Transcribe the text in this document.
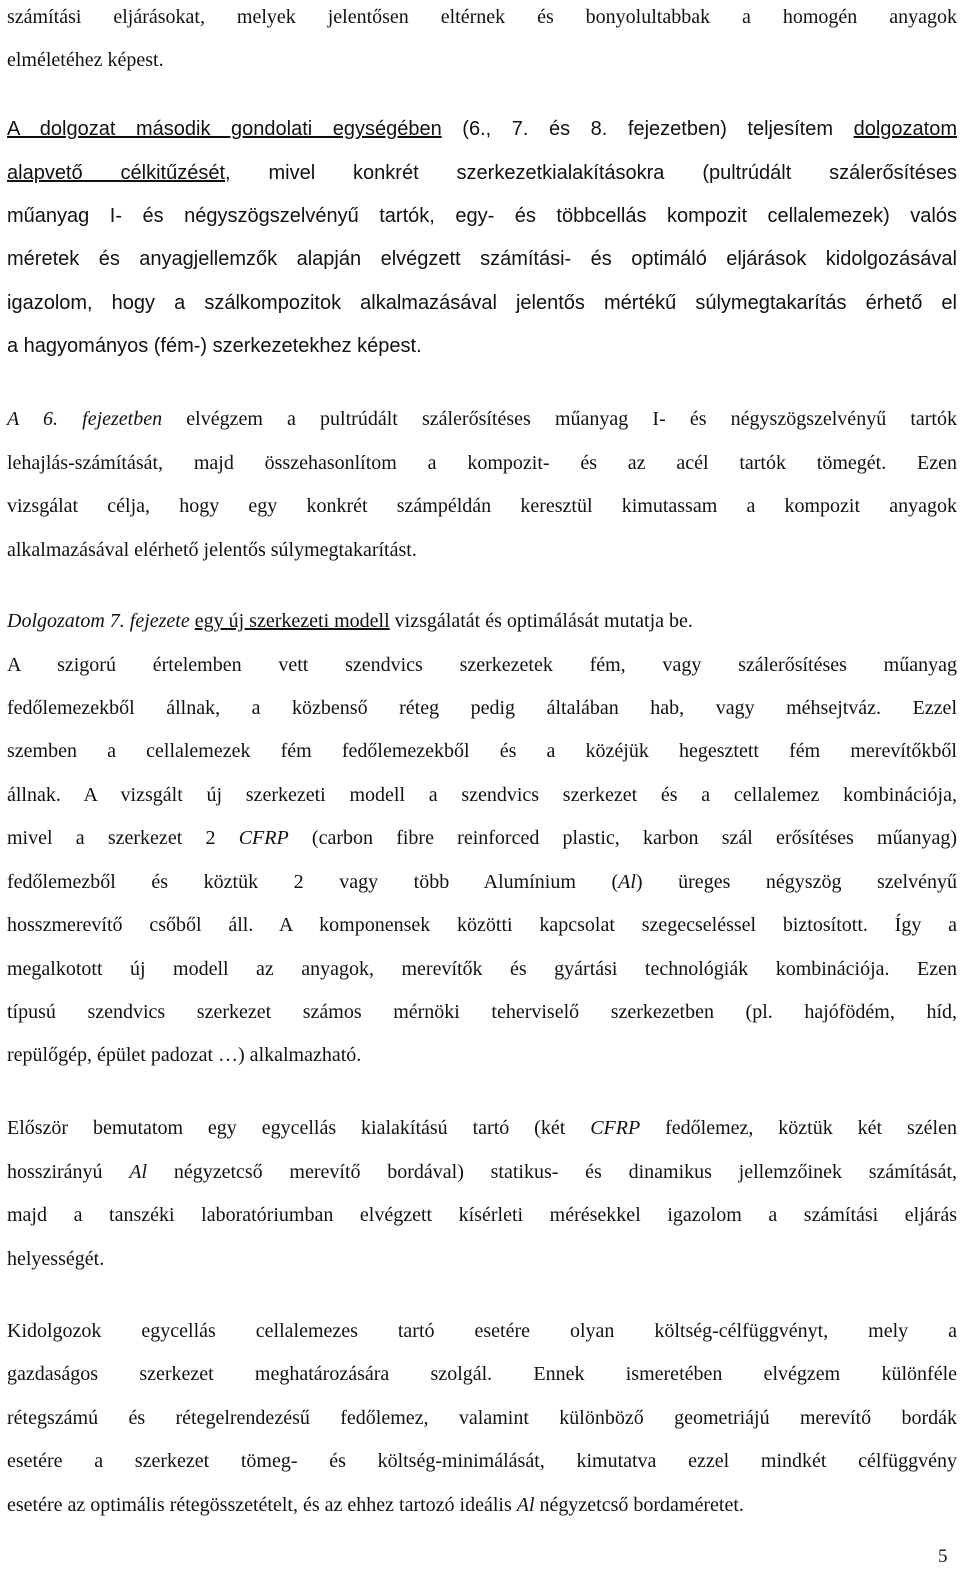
számítási eljárásokat, melyek jelentősen eltérnek és bonyolultabbak a homogén anyagok
elméletéhez képest.
A dolgozat második gondolati egységében (6., 7. és 8. fejezetben) teljesítem dolgozatom
alapvető célkitűzését, mivel konkrét szerkezetkialakításokra (pultrúdált szálerősítéses
műanyag I- és négyszögszelvényű tartók, egy- és többcellás kompozit cellalemezek) valós
méretek és anyagjellemzők alapján elvégzett számítási- és optimáló eljárások kidolgozásával
igazolom, hogy a szálkompozitok alkalmazásával jelentős mértékű súlymegtakarítás érhető el
a hagyományos (fém-) szerkezetekhez képest.
A 6. fejezetben elvégzem a pultrúdált szálerősítéses műanyag I- és négyszögszelvényű tartók
lehajlás-számítását, majd összehasonlítom a kompozit- és az acél tartók tömegét. Ezen
vizsgálat célja, hogy egy konkrét számpéldán keresztül kimutassam a kompozit anyagok
alkalmazásával elérhető jelentős súlymegtakarítást.
Dolgozatom 7. fejezete egy új szerkezeti modell vizsgálatát és optimálását mutatja be.
A szigorú értelemben vett szendvics szerkezetek fém, vagy szálerősítéses műanyag
fedőlemezekből állnak, a közbenső réteg pedig általában hab, vagy méhsejtváz. Ezzel
szemben a cellalemezek fém fedőlemezekből és a közéjük hegesztett fém merevítőkből
állnak. A vizsgált új szerkezeti modell a szendvics szerkezet és a cellalemez kombinációja,
mivel a szerkezet 2 CFRP (carbon fibre reinforced plastic, karbon szál erősítéses műanyag)
fedőlemezből és köztük 2 vagy több Alumínium (Al) üreges négyszög szelvényű
hosszmerevítő csőből áll. A komponensek közötti kapcsolat szegecseléssel biztosított. Így a
megalkotott új modell az anyagok, merevítők és gyártási technológiák kombinációja. Ezen
típusú szendvics szerkezet számos mérnöki teherviselő szerkezetben (pl. hajóföd​ém, híd,
repülőgép, épület padozat …) alkalmazható.
Először bemutatom egy egycellás kialakítású tartó (két CFRP fedőlemez, köztük két szélen
hosszirányú Al négyzetcső merevítő bordával) statikus- és dinamikus jellemzőinek számítását,
majd a tanszéki laboratóriumban elvégzett kísérleti mérésekkel igazolom a számítási eljárás
helyességét.
Kidolgozok egycellás cellalemezes tartó esetére olyan költség-célfüggvényt, mely a
gazdaságos szerkezet meghatározására szolgál. Ennek ismeretében elvégzem különféle
rétegszámú és rétegelrendezésű fedőlemez, valamint különböző geometriájú merevítő bordák
esetére a szerkezet tömeg- és költség-minimálását, kimutatva ezzel mindkét célfüggvény
esetére az optimális rétegösszetételt, és az ehhez tartozó ideális Al négyzetcső bordaméretet.
5
